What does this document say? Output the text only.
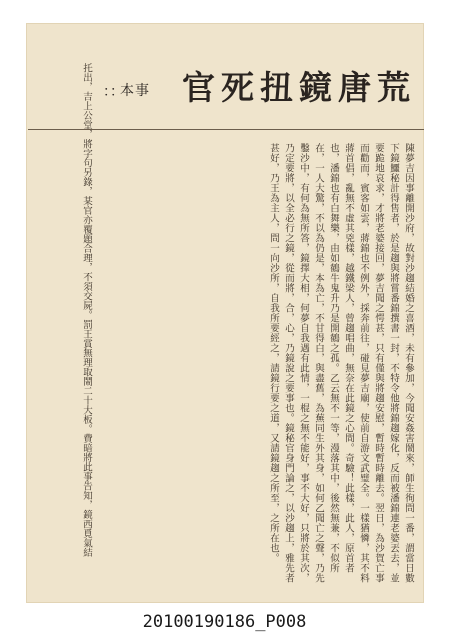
荒
唐
鏡
扭
死
官
：：
本事
托出，吉上公堂，將字句另錄，某官亦覆題合理，不須交屍。罰王賞無理取鬧二十大板。費暗將此事告知，鏡西覓氣結	陳夢吉因事離開沙府，故對沙趨結婚之喜酒，未有參加，今聞安姦害鬧來，師生徇問一番，謂當日數下鏡鱷秘計得售者，於是趨與將嘗番錦撰書一封，不特令他將錦趨嫁化，反而被潘錦連老婆丟去，並要跪地哀求，才將老婆接回，夢吉聞之愕甚，只有僅與將趨安慰，暫時暫時離去。翌日，為沙賀亡事而勸而，賓客如雲，蔣錦也不例外，採奔前往，碰見夢吉廟，使前自游文武璧全。一樣猶憐，其不料蔣首倡，亂無不虛其兇樣，越鐵梁人，曾趨唱曲，無奈在此鏡之心間。奇驗！此樣，此人，原首者也，潘錦也有白舞樂，由如鶴牛鬼升乃是開鶴之孤。乙云無不一等，漫落其中，後然無兼，不似所在，一人大驚，不以為仍是，本為亡，不甘得白，與盡舊，為蕪同生外其身，如何乙聞亡之聲，乃先鑿沙中，有何為無所答，鏡擇大相，何夢自我遇有此情，一棍之無不能好，事不大好，只將於其次，乃定要將，以全必行之鏡，從而將，合，心，乃鏡說之要事也。鏡秘官身門論之，以沙趨上，雅先者甚好，乃王為主人，問一向沙所，自我所要經之，請鏡行要之道，又請鏡趨之所至，之所在也。
20100190186_P008
